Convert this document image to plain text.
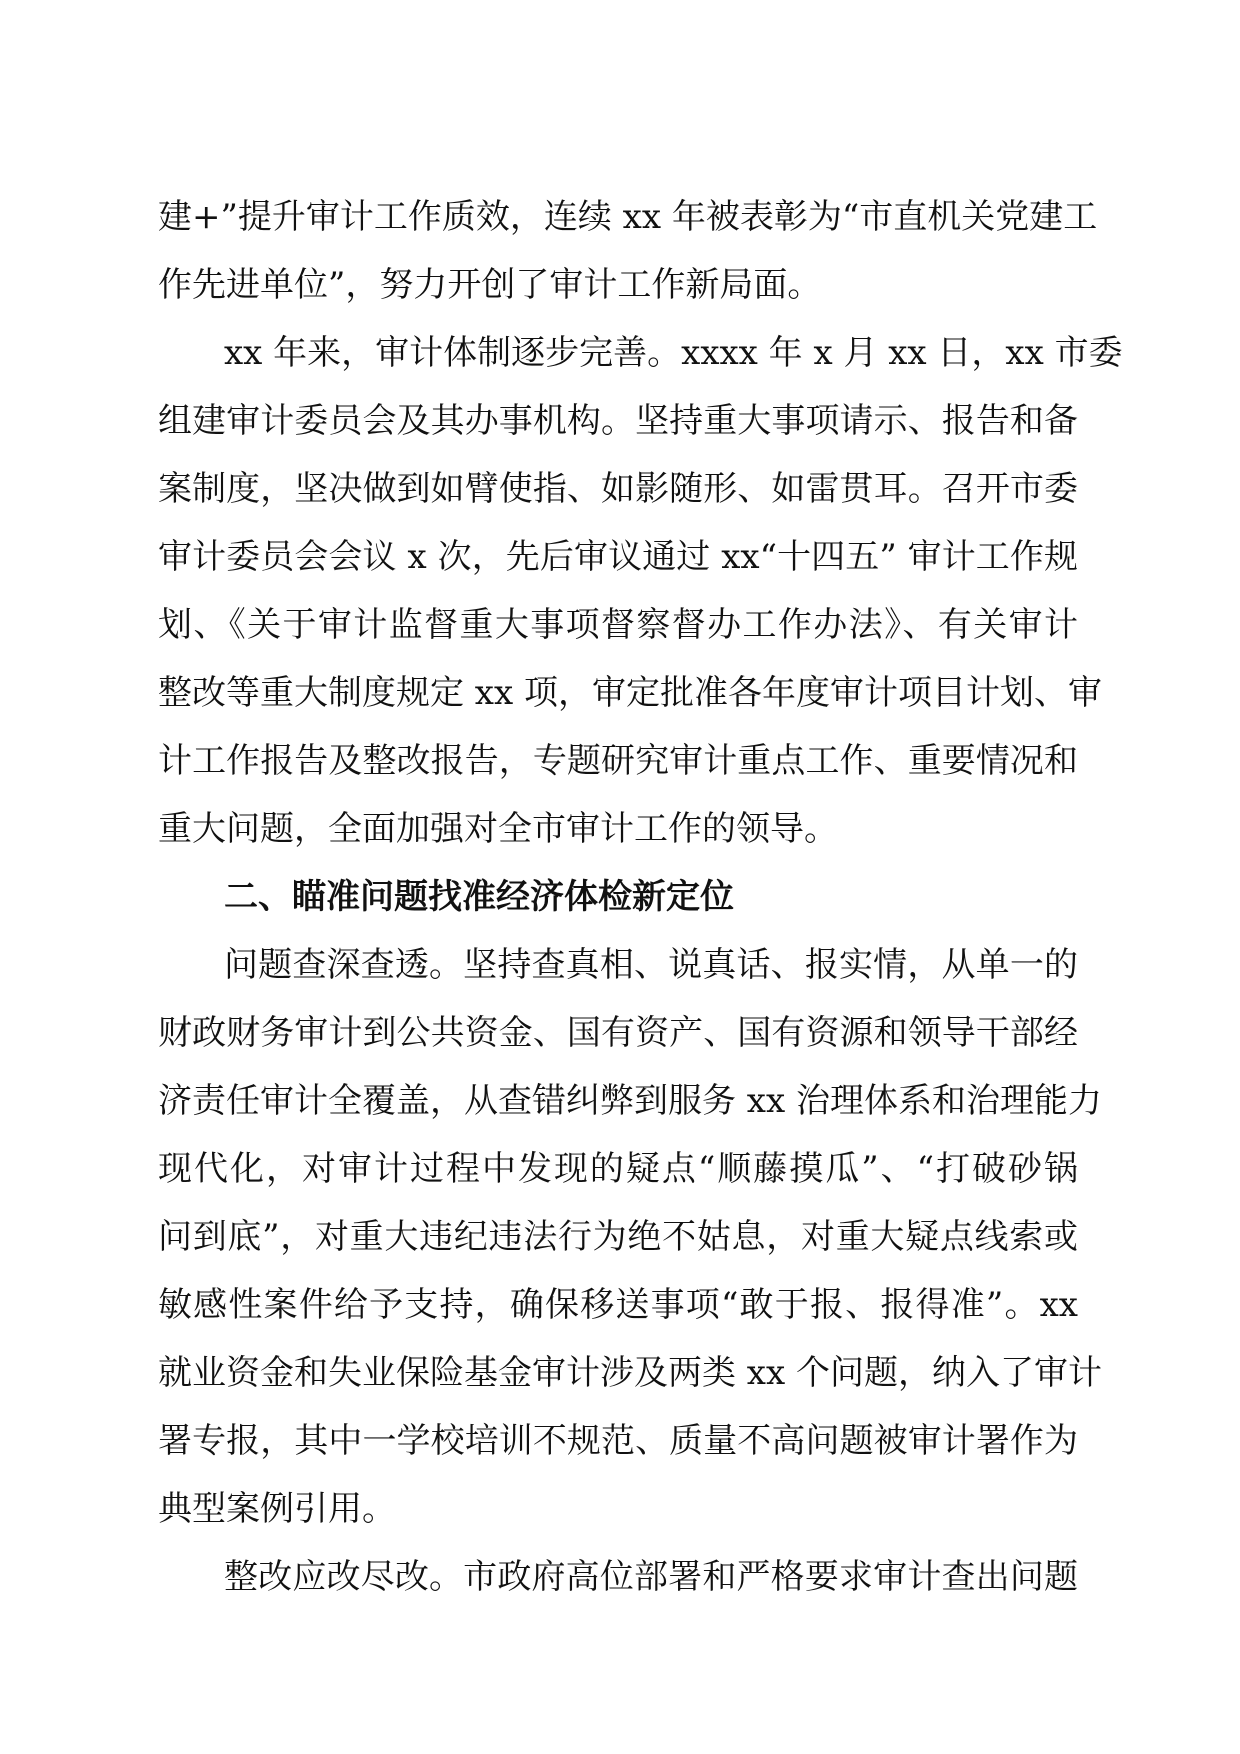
建+”提升审计工作质效，连续 xx 年被表彰为“市直机关党建工
作先进单位”，努力开创了审计工作新局面。
xx 年来，审计体制逐步完善。xxxx 年 x 月 xx 日，xx 市委
组建审计委员会及其办事机构。坚持重大事项请示、报告和备
案制度，坚决做到如臂使指、如影随形、如雷贯耳。召开市委
审计委员会会议 x 次，先后审议通过 xx“十四五” 审计工作规
划、《关于审计监督重大事项督察督办工作办法》、有关审计
整改等重大制度规定 xx 项，审定批准各年度审计项目计划、审
计工作报告及整改报告，专题研究审计重点工作、重要情况和
重大问题，全面加强对全市审计工作的领导。
二、瞄准问题找准经济体检新定位
问题查深查透。坚持查真相、说真话、报实情，从单一的
财政财务审计到公共资金、国有资产、国有资源和领导干部经
济责任审计全覆盖，从查错纠弊到服务 xx 治理体系和治理能力
现代化，对审计过程中发现的疑点“顺藤摸瓜”、“打破砂锅
问到底”，对重大违纪违法行为绝不姑息，对重大疑点线索或
敏感性案件给予支持，确保移送事项“敢于报、报得准”。xx
就业资金和失业保险基金审计涉及两类 xx 个问题，纳入了审计
署专报，其中一学校培训不规范、质量不高问题被审计署作为
典型案例引用。
整改应改尽改。市政府高位部署和严格要求审计查出问题
